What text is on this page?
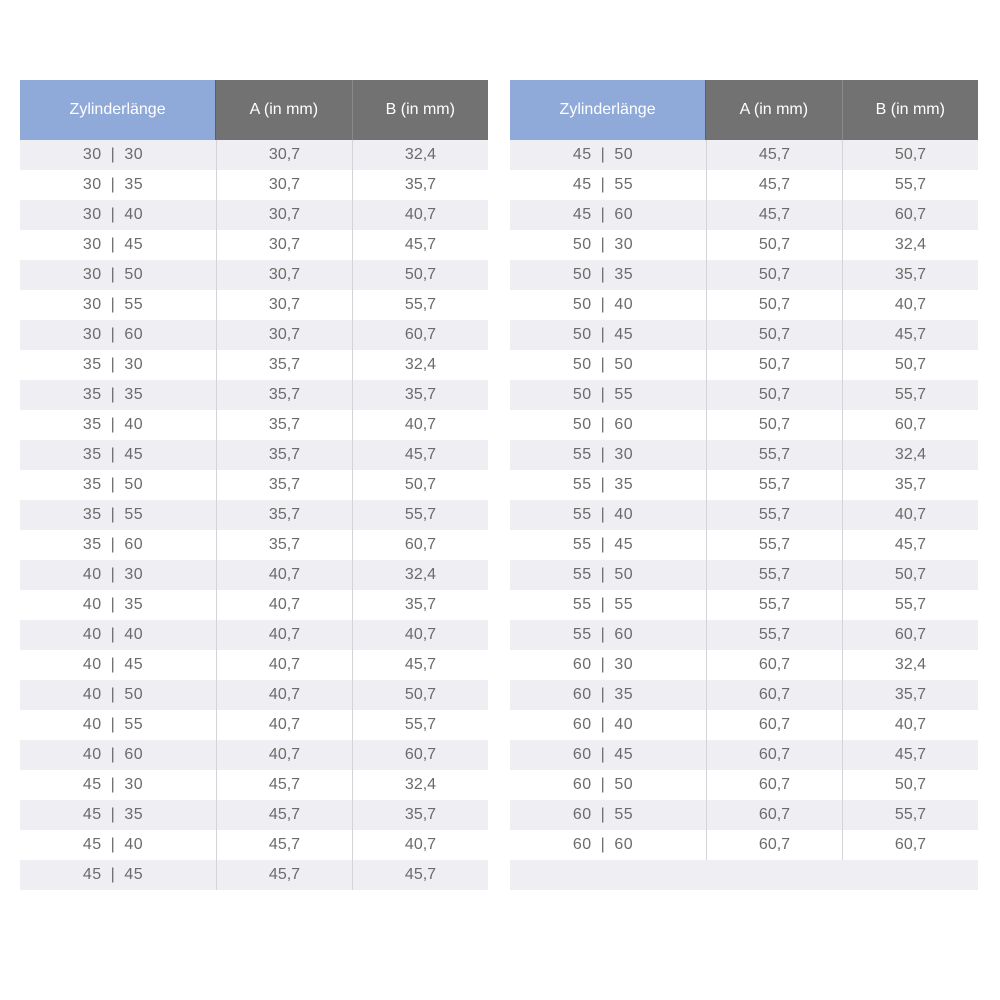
Zylinderlänge	A (in mm)	B (in mm)
30 | 30	30,7	32,4
30 | 35	30,7	35,7
30 | 40	30,7	40,7
30 | 45	30,7	45,7
30 | 50	30,7	50,7
30 | 55	30,7	55,7
30 | 60	30,7	60,7
35 | 30	35,7	32,4
35 | 35	35,7	35,7
35 | 40	35,7	40,7
35 | 45	35,7	45,7
35 | 50	35,7	50,7
35 | 55	35,7	55,7
35 | 60	35,7	60,7
40 | 30	40,7	32,4
40 | 35	40,7	35,7
40 | 40	40,7	40,7
40 | 45	40,7	45,7
40 | 50	40,7	50,7
40 | 55	40,7	55,7
40 | 60	40,7	60,7
45 | 30	45,7	32,4
45 | 35	45,7	35,7
45 | 40	45,7	40,7
45 | 45	45,7	45,7
Zylinderlänge	A (in mm)	B (in mm)
45 | 50	45,7	50,7
45 | 55	45,7	55,7
45 | 60	45,7	60,7
50 | 30	50,7	32,4
50 | 35	50,7	35,7
50 | 40	50,7	40,7
50 | 45	50,7	45,7
50 | 50	50,7	50,7
50 | 55	50,7	55,7
50 | 60	50,7	60,7
55 | 30	55,7	32,4
55 | 35	55,7	35,7
55 | 40	55,7	40,7
55 | 45	55,7	45,7
55 | 50	55,7	50,7
55 | 55	55,7	55,7
55 | 60	55,7	60,7
60 | 30	60,7	32,4
60 | 35	60,7	35,7
60 | 40	60,7	40,7
60 | 45	60,7	45,7
60 | 50	60,7	50,7
60 | 55	60,7	55,7
60 | 60	60,7	60,7
